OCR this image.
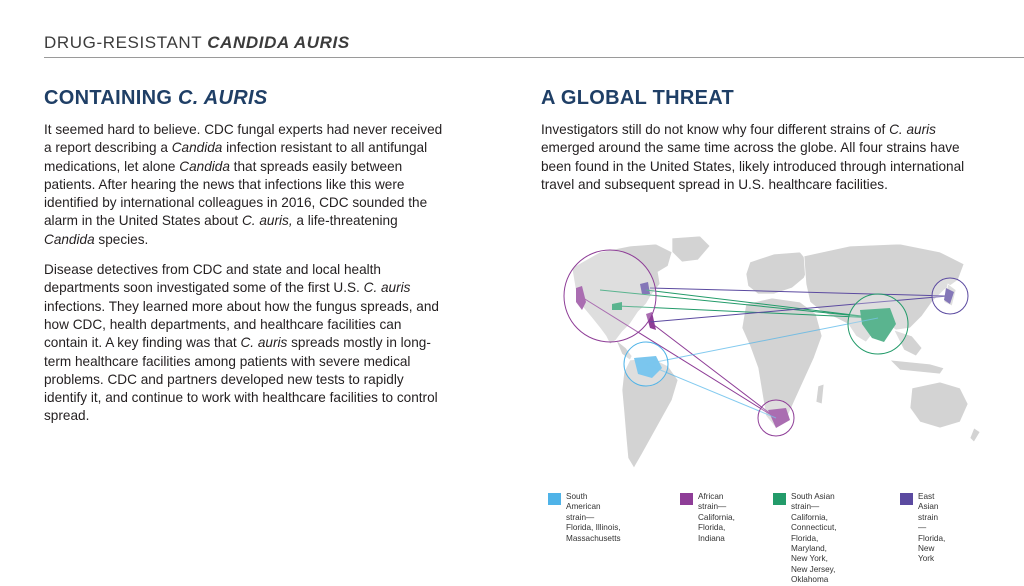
DRUG-RESISTANT CANDIDA AURIS
CONTAINING C. AURIS

It seemed hard to believe. CDC fungal experts had never received a report describing a Candida infection resistant to all antifungal medications, let alone Candida that spreads easily between patients. After hearing the news that infections like this were identified by international colleagues in 2016, CDC sounded the alarm in the United States about C. auris, a life-threatening Candida species.

Disease detectives from CDC and state and local health departments soon investigated some of the first U.S. C. auris infections. They learned more about how the fungus spreads, and how CDC, health departments, and healthcare facilities can contain it. A key finding was that C. auris spreads mostly in long-term healthcare facilities among patients with severe medical problems. CDC and partners developed new tests to rapidly identify it, and continue to work with healthcare facilities to control spread.

A GLOBAL THREAT

Investigators still do not know why four different strains of C. auris emerged around the same time across the globe. All four strains have been found in the United States, likely introduced through international travel and subsequent spread in U.S. healthcare facilities.

South American strain—
Florida, Illinois,
Massachusetts
African strain—
California,
Florida, Indiana
South Asian strain—
California, Connecticut,
Florida, Maryland,
New York, New Jersey,
Oklahoma
East Asian strain—
Florida, New York
